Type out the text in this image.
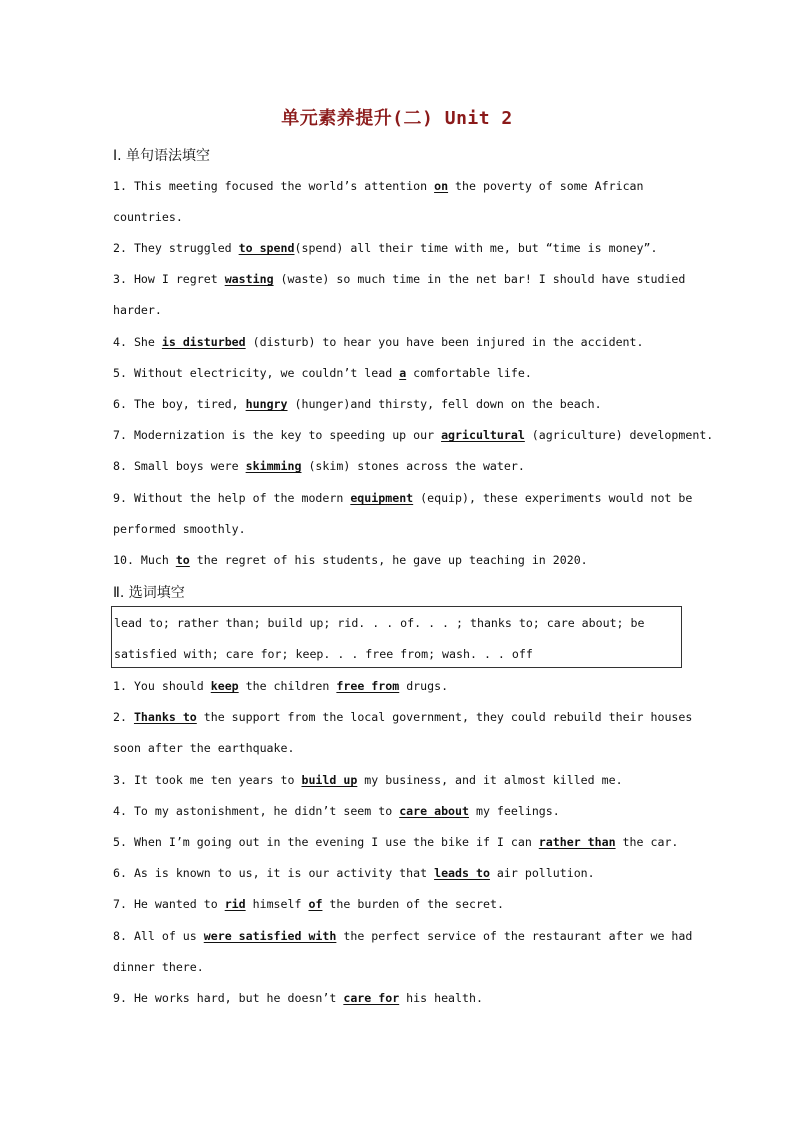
单元素养提升(二) Unit 2
Ⅰ. 单句语法填空
1. This meeting focused the world’s attention on the poverty of some African
countries.
2. They struggled to spend(spend) all their time with me, but “time is money”.
3. How I regret wasting (waste) so much time in the net bar! I should have studied
harder.
4. She is disturbed (disturb) to hear you have been injured in the accident.
5. Without electricity, we couldn’t lead a comfortable life.
6. The boy, tired, hungry (hunger)and thirsty, fell down on the beach.
7. Modernization is the key to speeding up our agricultural (agriculture) development.
8. Small boys were skimming (skim) stones across the water.
9. Without the help of the modern equipment (equip), these experiments would not be
performed smoothly.
10. Much to the regret of his students, he gave up teaching in 2020.
Ⅱ. 选词填空
lead to; rather than; build up; rid. . . of. . . ; thanks to; care about; be
satisfied with; care for; keep. . . free from; wash. . . off
1. You should keep the children free from drugs.
2. Thanks to the support from the local government, they could rebuild their houses
soon after the earthquake.
3. It took me ten years to build up my business, and it almost killed me.
4. To my astonishment, he didn’t seem to care about my feelings.
5. When I’m going out in the evening I use the bike if I can rather than the car.
6. As is known to us, it is our activity that leads to air pollution.
7. He wanted to rid himself of the burden of the secret.
8. All of us were satisfied with the perfect service of the restaurant after we had
dinner there.
9. He works hard, but he doesn’t care for his health.
